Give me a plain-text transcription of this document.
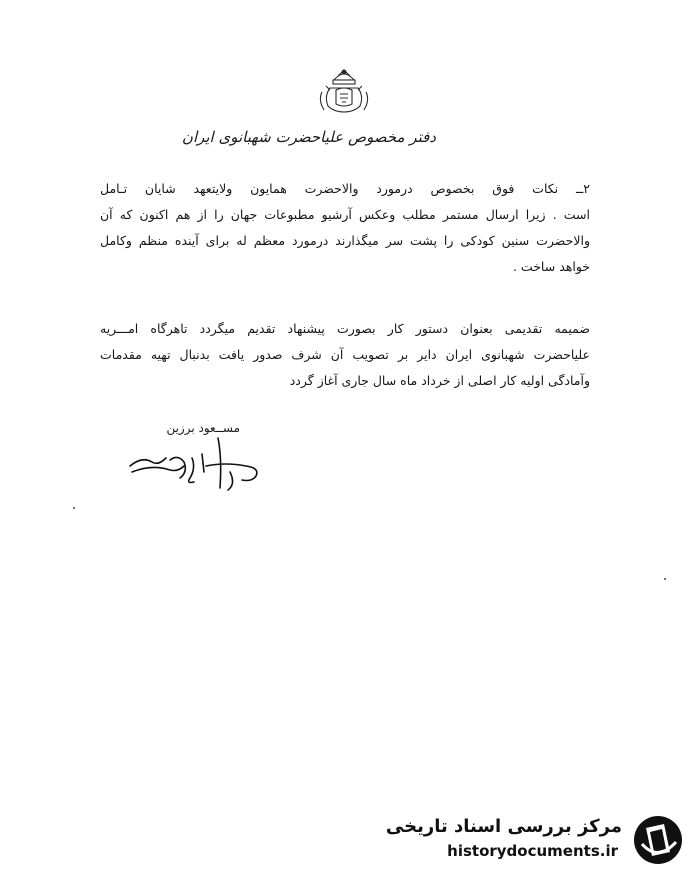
دفتر مخصوص علیاحضرت شهبانوی ایران
۲ــ نکات فوق بخصوص درمورد والاحضرت همایون ولایتعهد شایان تـامل
است . زیرا ارسال مستمر مطلب وعکس آرشیو مطبوعات جهان را از هم اکنون که آن
والاحضرت سنین کودکی را پشت سر میگذارند درمورد معظم له برای آینده منظم وکامل
خواهد ساخت .
ضمیمه تقدیمی بعنوان دستور کار بصورت پیشنهاد تقدیم میگردد تاهرگاه امـــریه
علیاحضرت شهبانوی ایران دایر بر تصویب آن شرف صدور یافت بدنبال تهیه مقدمات
وآمادگی اولیه کار اصلی از خرداد ماه سال جاری آغاز گردد
مســعود برزین
مرکز بررسی اسناد تاریخی
historydocuments.ir
